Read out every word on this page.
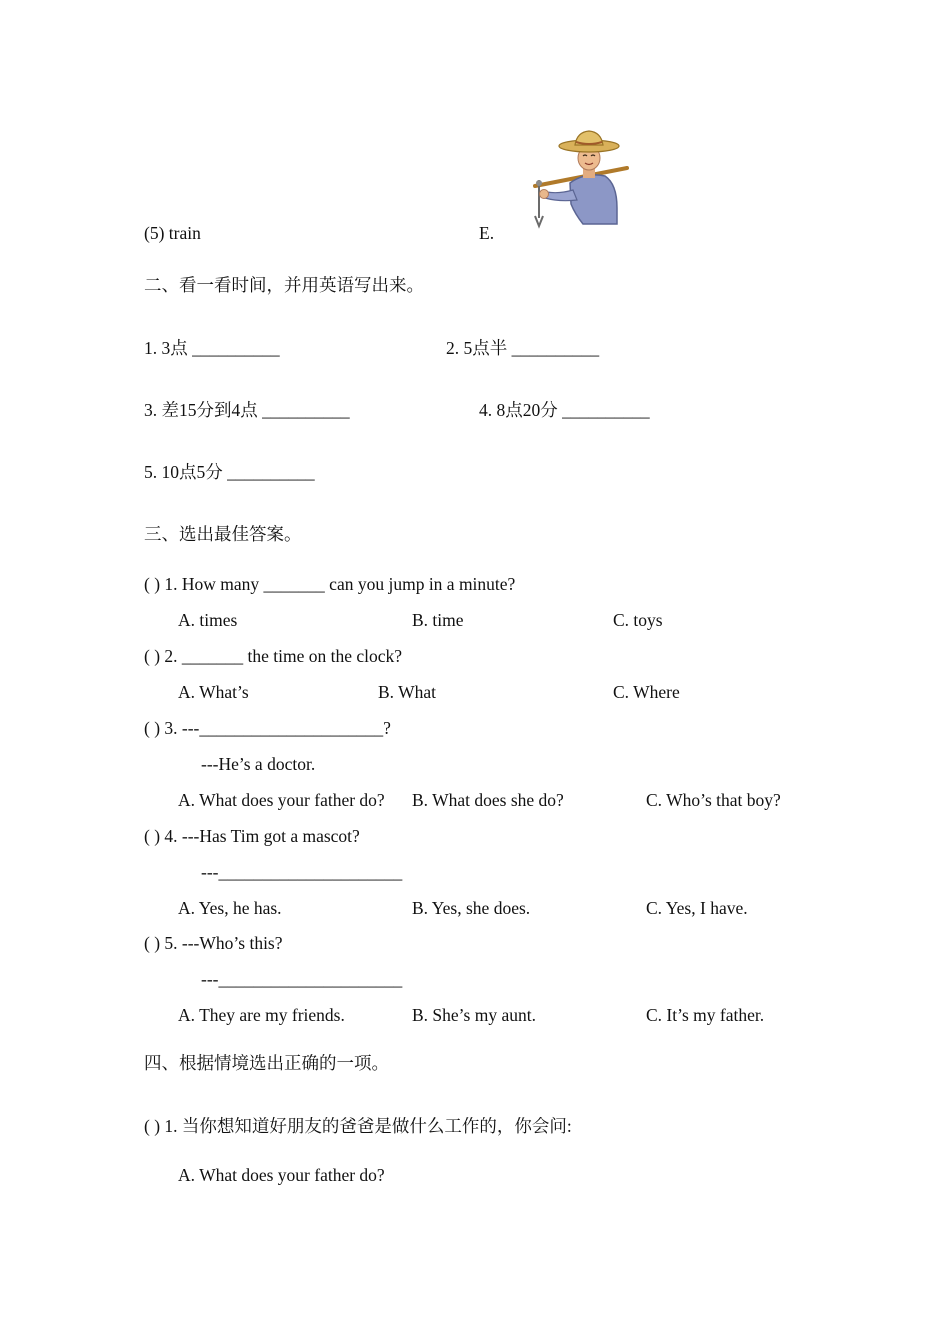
(5) train	E.
二、看一看时间，并用英语写出来。
1. 3点 __________	2. 5点半 __________
3. 差15分到4点 __________	4. 8点20分 __________
5. 10点5分 __________
三、选出最佳答案。
( ) 1. How many _______ can you jump in a minute?
A. times	B. time	C. toys
( ) 2. _______ the time on the clock?
A. What’s	B. What	C. Where
( ) 3. ---_____________________?
---He’s a doctor.
A. What does your father do? B. What does she do?	C. Who’s that boy?
( ) 4. ---Has Tim got a mascot?
---_____________________
A. Yes, he has.	B. Yes, she does.	C. Yes, I have.
( ) 5. ---Who’s this?
---_____________________
A. They are my friends.	B. She’s my aunt.	C. It’s my father.
四、根据情境选出正确的一项。
( ) 1. 当你想知道好朋友的爸爸是做什么工作的，你会问:
A. What does your father do?
